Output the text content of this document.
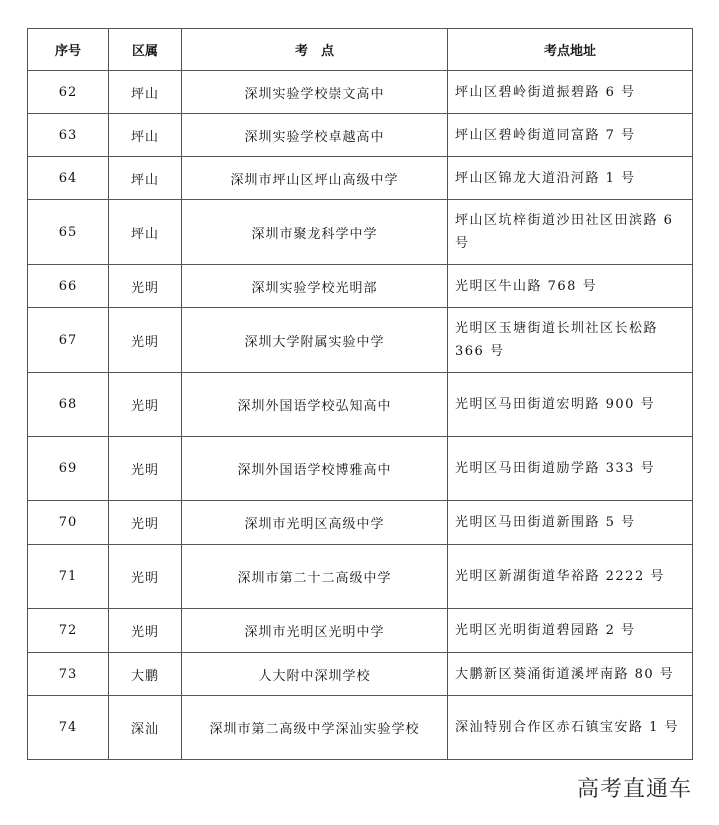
序号	区属	考　点	考点地址
62	坪山	深圳实验学校崇文高中	坪山区碧岭街道振碧路 6 号
63	坪山	深圳实验学校卓越高中	坪山区碧岭街道同富路 7 号
64	坪山	深圳市坪山区坪山高级中学	坪山区锦龙大道沿河路 1 号
65	坪山	深圳市聚龙科学中学	坪山区坑梓街道沙田社区田滨路 6 号
66	光明	深圳实验学校光明部	光明区牛山路 768 号
67	光明	深圳大学附属实验中学	光明区玉塘街道长圳社区长松路 366 号
68	光明	深圳外国语学校弘知高中	光明区马田街道宏明路 900 号
69	光明	深圳外国语学校博雅高中	光明区马田街道励学路 333 号
70	光明	深圳市光明区高级中学	光明区马田街道新围路 5 号
71	光明	深圳市第二十二高级中学	光明区新湖街道华裕路 2222 号
72	光明	深圳市光明区光明中学	光明区光明街道碧园路 2 号
73	大鹏	人大附中深圳学校	大鹏新区葵涌街道溪坪南路 80 号
74	深汕	深圳市第二高级中学深汕实验学校	深汕特别合作区赤石镇宝安路 1 号
高考直通车
